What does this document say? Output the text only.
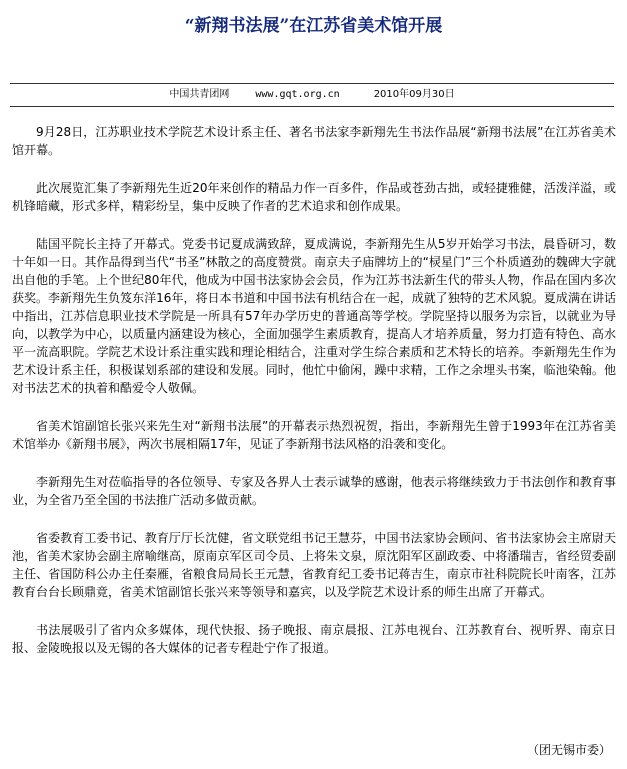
“新翔书法展”在江苏省美术馆开展
中国共青团网	www.gqt.org.cn	2010年09月30日

9月28日，江苏职业技术学院艺术设计系主任、著名书法家李新翔先生书法作品展“新翔书法展”在江苏省美术馆开幕。

此次展览汇集了李新翔先生近20年来创作的精品力作一百多件，作品或苍劲古拙，或轻捷雅健，活泼洋溢，或机锋暗藏，形式多样，精彩纷呈，集中反映了作者的艺术追求和创作成果。

陆国平院长主持了开幕式。党委书记夏成满致辞，夏成满说，李新翔先生从5岁开始学习书法，晨昏研习，数十年如一日。其作品得到当代“书圣”林散之的高度赞赏。南京夫子庙牌坊上的“棂星门”三个朴质遒劲的魏碑大字就出自他的手笔。上个世纪80年代，他成为中国书法家协会会员，作为江苏书法新生代的带头人物，作品在国内多次获奖。李新翔先生负笈东洋16年，将日本书道和中国书法有机结合在一起，成就了独特的艺术风貌。夏成满在讲话中指出，江苏信息职业技术学院是一所具有57年办学历史的普通高等学校。学院坚持以服务为宗旨，以就业为导向，以教学为中心，以质量内涵建设为核心，全面加强学生素质教育，提高人才培养质量，努力打造有特色、高水平一流高职院。学院艺术设计系注重实践和理论相结合，注重对学生综合素质和艺术特长的培养。李新翔先生作为艺术设计系主任，积极谋划系部的建设和发展。同时，他忙中偷闲，躁中求精，工作之余埋头书案，临池染翰。他对书法艺术的执着和酷爱令人敬佩。

省美术馆副馆长张兴来先生对“新翔书法展”的开幕表示热烈祝贺，指出，李新翔先生曾于1993年在江苏省美术馆举办《新翔书展》，两次书展相隔17年，见证了李新翔书法风格的沿袭和变化。

李新翔先生对莅临指导的各位领导、专家及各界人士表示诚挚的感谢，他表示将继续致力于书法创作和教育事业，为全省乃至全国的书法推广活动多做贡献。

省委教育工委书记、教育厅厅长沈健，省文联党组书记王慧芬，中国书法家协会顾问、省书法家协会主席尉天池，省美术家协会副主席喻继高，原南京军区司令员、上将朱文泉，原沈阳军区副政委、中将潘瑞吉，省经贸委副主任、省国防科公办主任秦雁，省粮食局局长王元慧，省教育纪工委书记蒋吉生，南京市社科院院长叶南客，江苏教育台台长顾鼎竟，省美术馆副馆长张兴来等领导和嘉宾，以及学院艺术设计系的师生出席了开幕式。

书法展吸引了省内众多媒体，现代快报、扬子晚报、南京晨报、江苏电视台、江苏教育台、视听界、南京日报、金陵晚报以及无锡的各大媒体的记者专程赴宁作了报道。

（团无锡市委）
